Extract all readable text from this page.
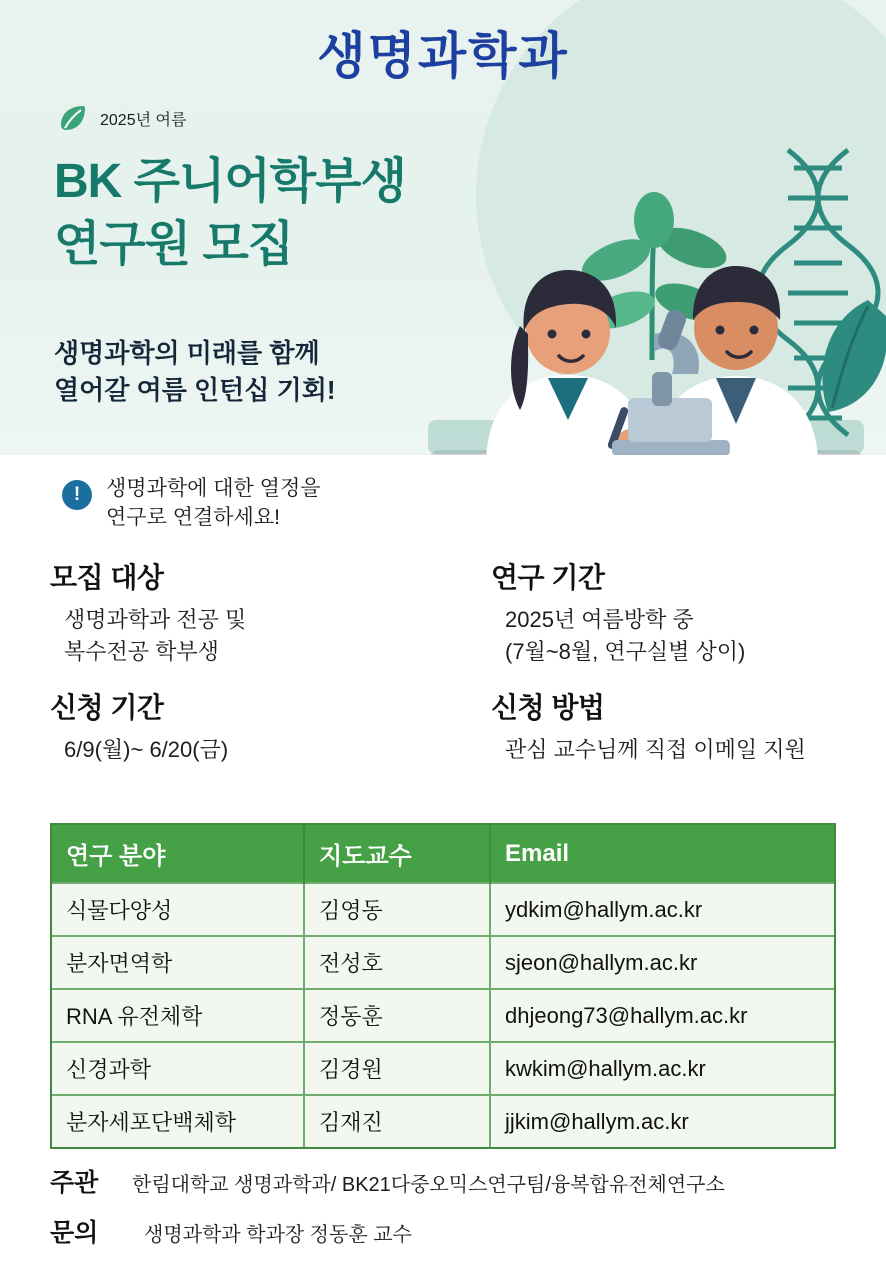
생명과학과
2025년 여름
BK 주니어학부생
연구원 모집
생명과학의 미래를 함께
열어갈 여름 인턴십 기회!
!	생명과학에 대한 열정을
연구로 연결하세요!
모집 대상
생명과학과 전공 및
복수전공 학부생
연구 기간
2025년 여름방학 중
(7월~8월, 연구실별 상이)
신청 기간
6/9(월)~ 6/20(금)
신청 방법
관심 교수님께 직접 이메일 지원
연구 분야	지도교수	Email
식물다양성	김영동	ydkim@hallym.ac.kr
분자면역학	전성호	sjeon@hallym.ac.kr
RNA 유전체학	정동훈	dhjeong73@hallym.ac.kr
신경과학	김경원	kwkim@hallym.ac.kr
분자세포단백체학	김재진	jjkim@hallym.ac.kr
주관	한림대학교 생명과학과/ BK21다중오믹스연구팀/융복합유전체연구소
문의	생명과학과 학과장 정동훈 교수
